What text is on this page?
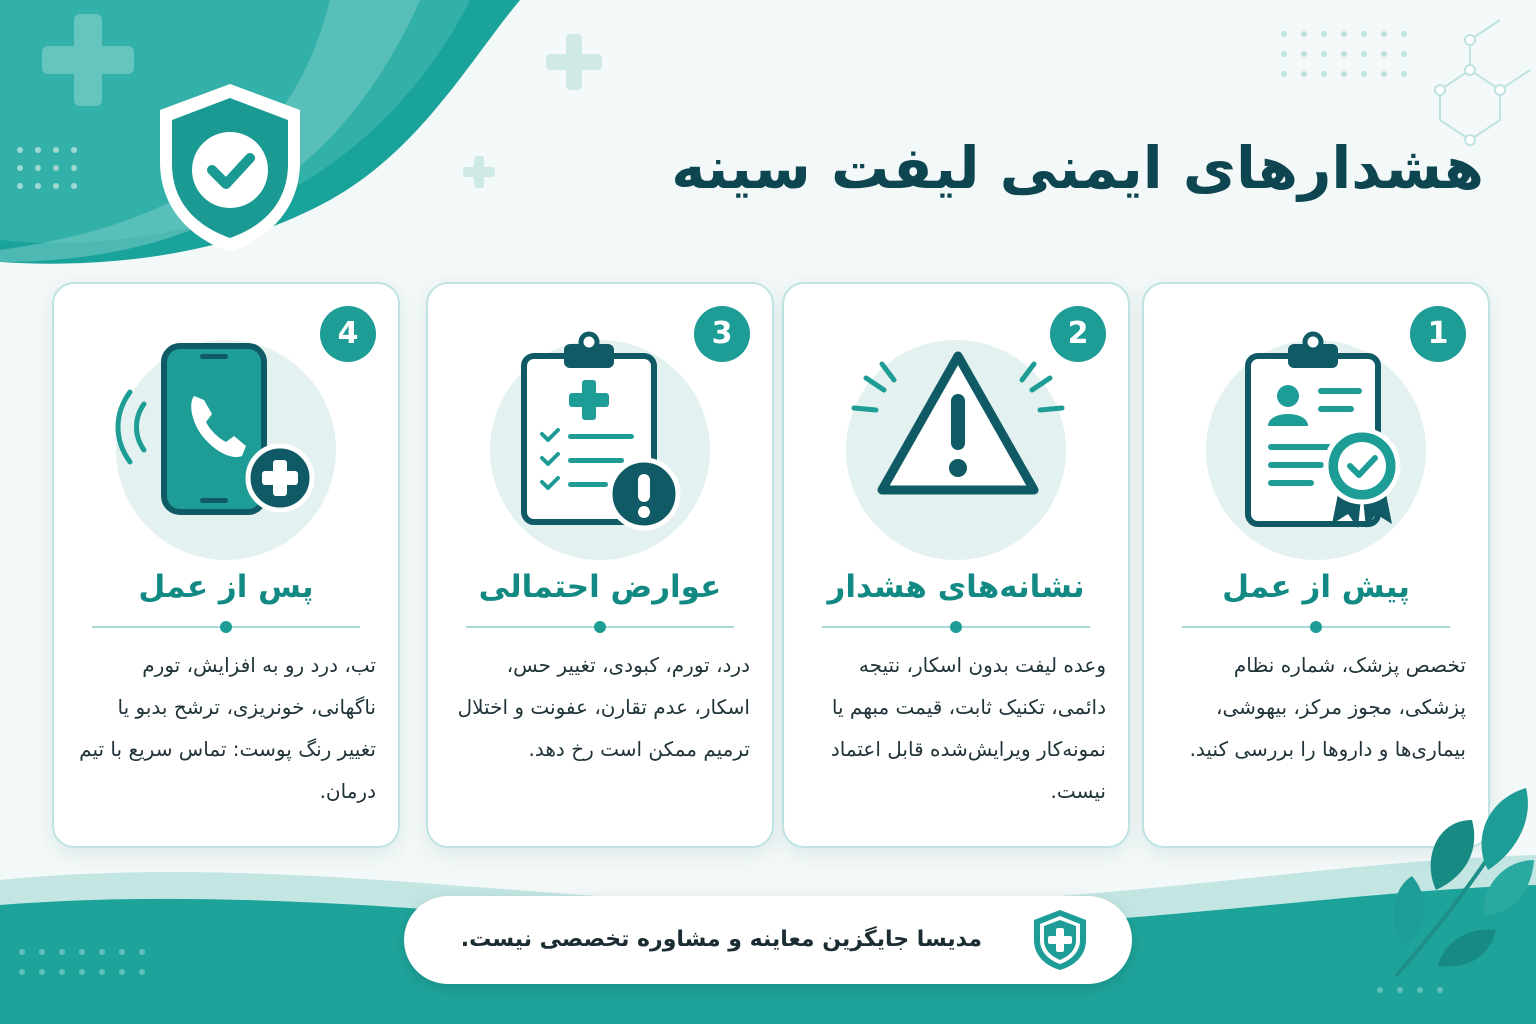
هشدارهای ایمنی لیفت سینه
1
پیش از عمل
تخصص پزشک، شماره نظام پزشکی، مجوز مرکز، بیهوشی، بیماری‌ها و داروها را بررسی کنید.
2
نشانه‌های هشدار
وعده لیفت بدون اسکار، نتیجه دائمی، تکنیک ثابت، قیمت مبهم یا نمونه‌کار ویرایش‌شده قابل اعتماد نیست.
3
عوارض احتمالی
درد، تورم، کبودی، تغییر حس، اسکار، عدم تقارن، عفونت و اختلال ترمیم ممکن است رخ دهد.
4
پس از عمل
تب، درد رو به افزایش، تورم ناگهانی، خونریزی، ترشح بدبو یا تغییر رنگ پوست: تماس سریع با تیم درمان.
مدیسا جایگزین معاینه و مشاوره تخصصی نیست.
